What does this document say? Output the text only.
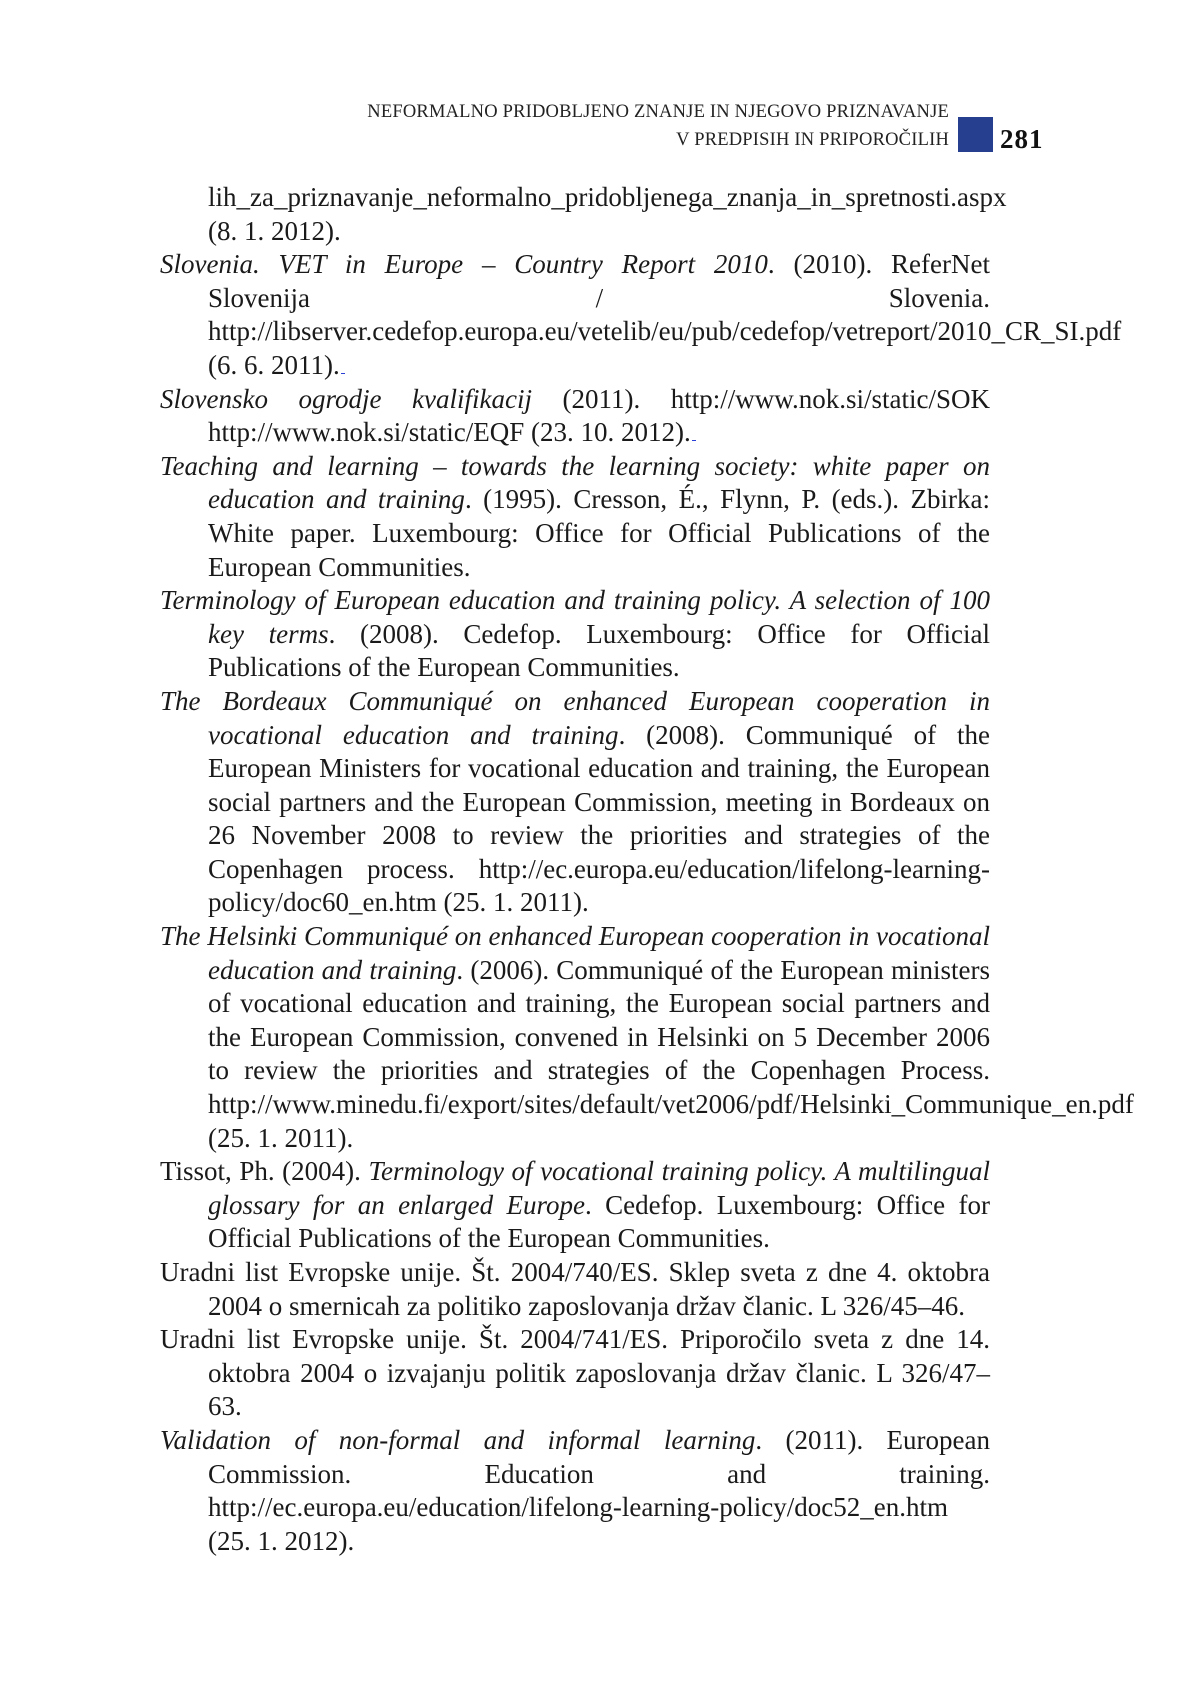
NEFORMALNO PRIDOBLJENO ZNANJE IN NJEGOVO PRIZNAVANJE
V PREDPISIH IN PRIPOROČILIH 281

lih_za_priznavanje_neformalno_pridobljenega_znanja_in_spretnosti.aspx (8. 1. 2012).

Slovenia. VET in Europe – Country Report 2010. (2010). ReferNet Slovenija / Slovenia. http://libserver.cedefop.europa.eu/vetelib/eu/pub/cedefop/vetreport/2010_CR_SI.pdf (6. 6. 2011).

Slovensko ogrodje kvalifikacij (2011). http://www.nok.si/static/SOK http://www.nok.si/static/EQF (23. 10. 2012).

Teaching and learning – towards the learning society: white paper on education and training. (1995). Cresson, É., Flynn, P. (eds.). Zbirka: White paper. Luxembourg: Office for Official Publications of the European Communities.

Terminology of European education and training policy. A selection of 100 key terms. (2008). Cedefop. Luxembourg: Office for Official Publications of the European Communities.

The Bordeaux Communiqué on enhanced European cooperation in vocational education and training. (2008). Communiqué of the European Ministers for vocational education and training, the European social partners and the European Commission, meeting in Bordeaux on 26 November 2008 to review the priorities and strategies of the Copenhagen process. http://ec.europa.eu/education/lifelong-learning-policy/doc60_en.htm (25. 1. 2011).

The Helsinki Communiqué on enhanced European cooperation in vocational education and training. (2006). Communiqué of the European ministers of vocational education and training, the European social partners and the European Commission, convened in Helsinki on 5 December 2006 to review the priorities and strategies of the Copenhagen Process. http://www.minedu.fi/export/sites/default/vet2006/pdf/Helsinki_Communique_en.pdf (25. 1. 2011).

Tissot, Ph. (2004). Terminology of vocational training policy. A multilingual glossary for an enlarged Europe. Cedefop. Luxembourg: Office for Official Publications of the European Communities.

Uradni list Evropske unije. Št. 2004/740/ES. Sklep sveta z dne 4. oktobra 2004 o smernicah za politiko zaposlovanja držav članic. L 326/45–46.

Uradni list Evropske unije. Št. 2004/741/ES. Priporočilo sveta z dne 14. oktobra 2004 o izvajanju politik zaposlovanja držav članic. L 326/47–63.

Validation of non-formal and informal learning. (2011). European Commission. Education and training. http://ec.europa.eu/education/lifelong-learning-policy/doc52_en.htm (25. 1. 2012).
